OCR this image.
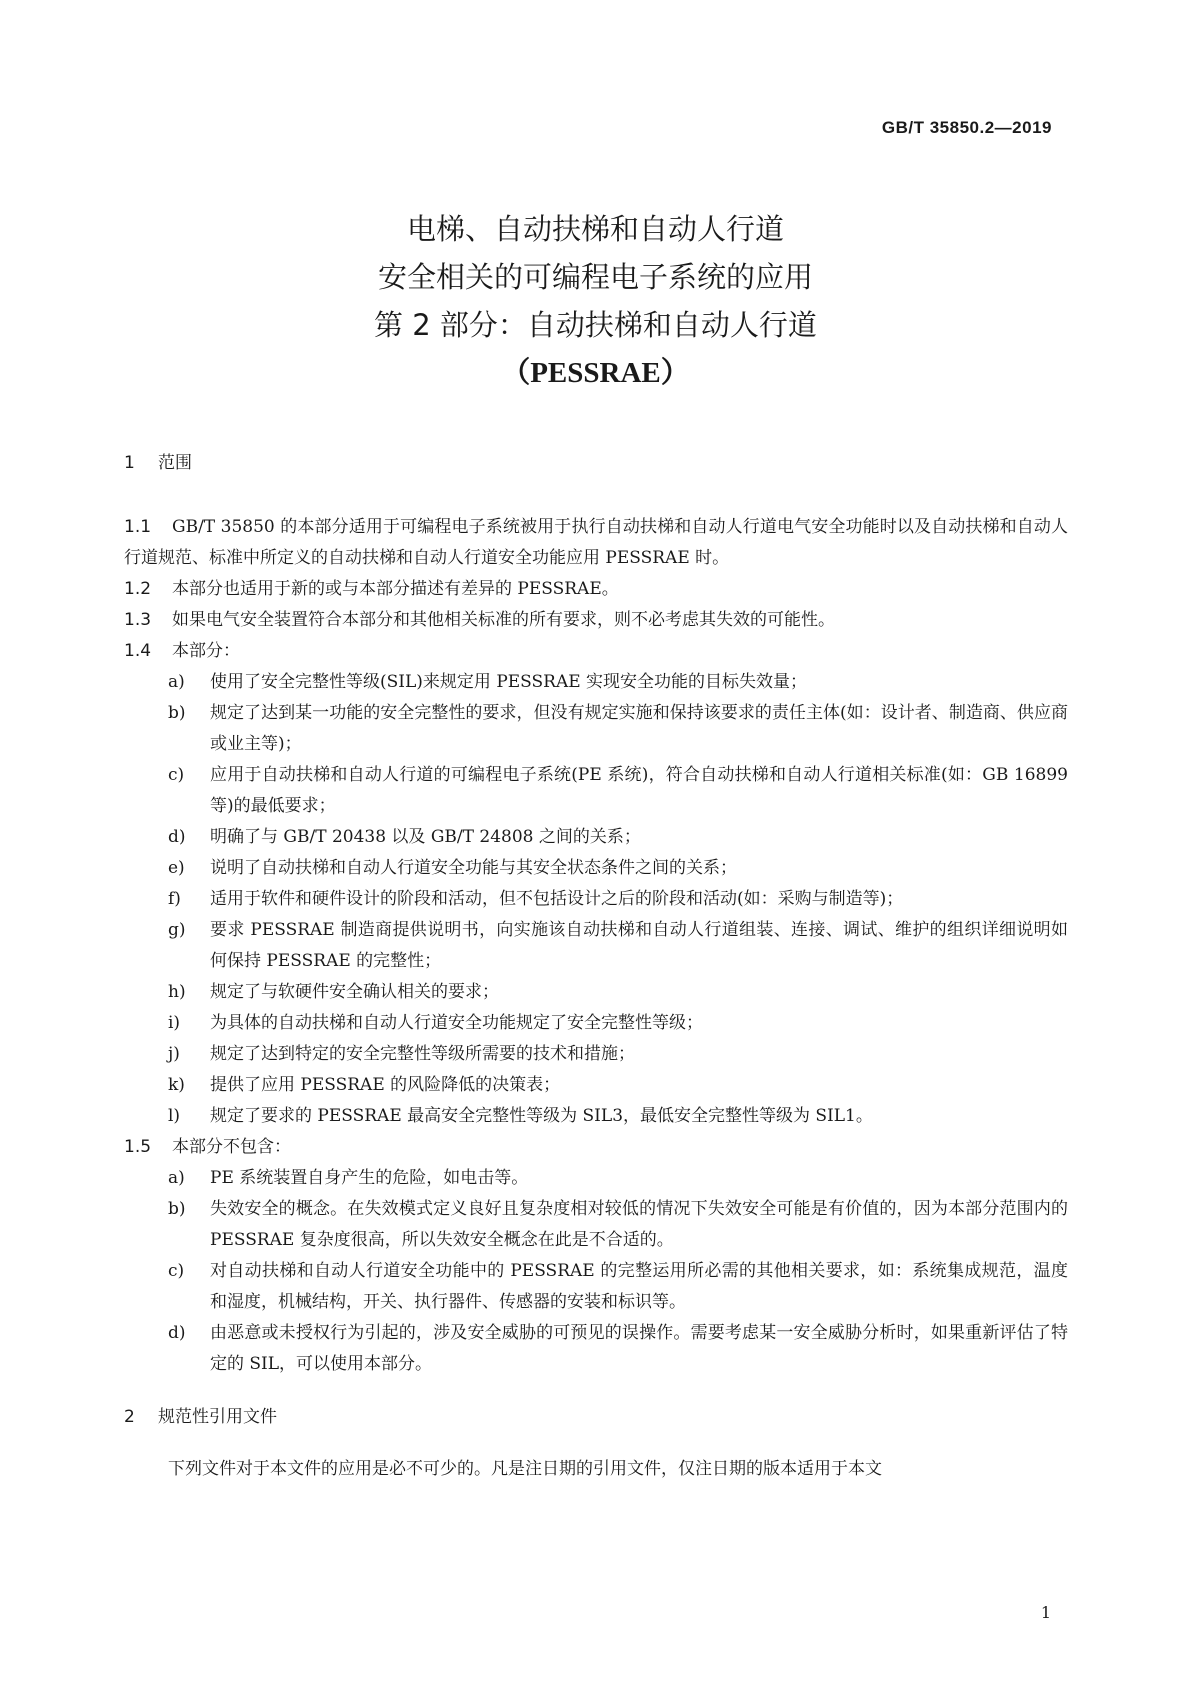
GB/T 35850.2—2019
电梯、自动扶梯和自动人行道
安全相关的可编程电子系统的应用
第 2 部分：自动扶梯和自动人行道
（PESSRAE）
1 范围
1.1 GB/T 35850 的本部分适用于可编程电子系统被用于执行自动扶梯和自动人行道电气安全功能时以及自动扶梯和自动人行道规范、标准中所定义的自动扶梯和自动人行道安全功能应用 PESSRAE 时。
1.2 本部分也适用于新的或与本部分描述有差异的 PESSRAE。
1.3 如果电气安全装置符合本部分和其他相关标准的所有要求，则不必考虑其失效的可能性。
1.4 本部分：
a)	使用了安全完整性等级(SIL)来规定用 PESSRAE 实现安全功能的目标失效量；
b)	规定了达到某一功能的安全完整性的要求，但没有规定实施和保持该要求的责任主体(如：设计者、制造商、供应商或业主等)；
c)	应用于自动扶梯和自动人行道的可编程电子系统(PE 系统)，符合自动扶梯和自动人行道相关标准(如：GB 16899 等)的最低要求；
d)	明确了与 GB/T 20438 以及 GB/T 24808 之间的关系；
e)	说明了自动扶梯和自动人行道安全功能与其安全状态条件之间的关系；
f)	适用于软件和硬件设计的阶段和活动，但不包括设计之后的阶段和活动(如：采购与制造等)；
g)	要求 PESSRAE 制造商提供说明书，向实施该自动扶梯和自动人行道组装、连接、调试、维护的组织详细说明如何保持 PESSRAE 的完整性；
h)	规定了与软硬件安全确认相关的要求；
i)	为具体的自动扶梯和自动人行道安全功能规定了安全完整性等级；
j)	规定了达到特定的安全完整性等级所需要的技术和措施；
k)	提供了应用 PESSRAE 的风险降低的决策表；
l)	规定了要求的 PESSRAE 最高安全完整性等级为 SIL3，最低安全完整性等级为 SIL1。
1.5 本部分不包含：
a)	PE 系统装置自身产生的危险，如电击等。
b)	失效安全的概念。在失效模式定义良好且复杂度相对较低的情况下失效安全可能是有价值的，因为本部分范围内的 PESSRAE 复杂度很高，所以失效安全概念在此是不合适的。
c)	对自动扶梯和自动人行道安全功能中的 PESSRAE 的完整运用所必需的其他相关要求，如：系统集成规范，温度和湿度，机械结构，开关、执行器件、传感器的安装和标识等。
d)	由恶意或未授权行为引起的，涉及安全威胁的可预见的误操作。需要考虑某一安全威胁分析时，如果重新评估了特定的 SIL，可以使用本部分。
2 规范性引用文件
下列文件对于本文件的应用是必不可少的。凡是注日期的引用文件，仅注日期的版本适用于本文
1
